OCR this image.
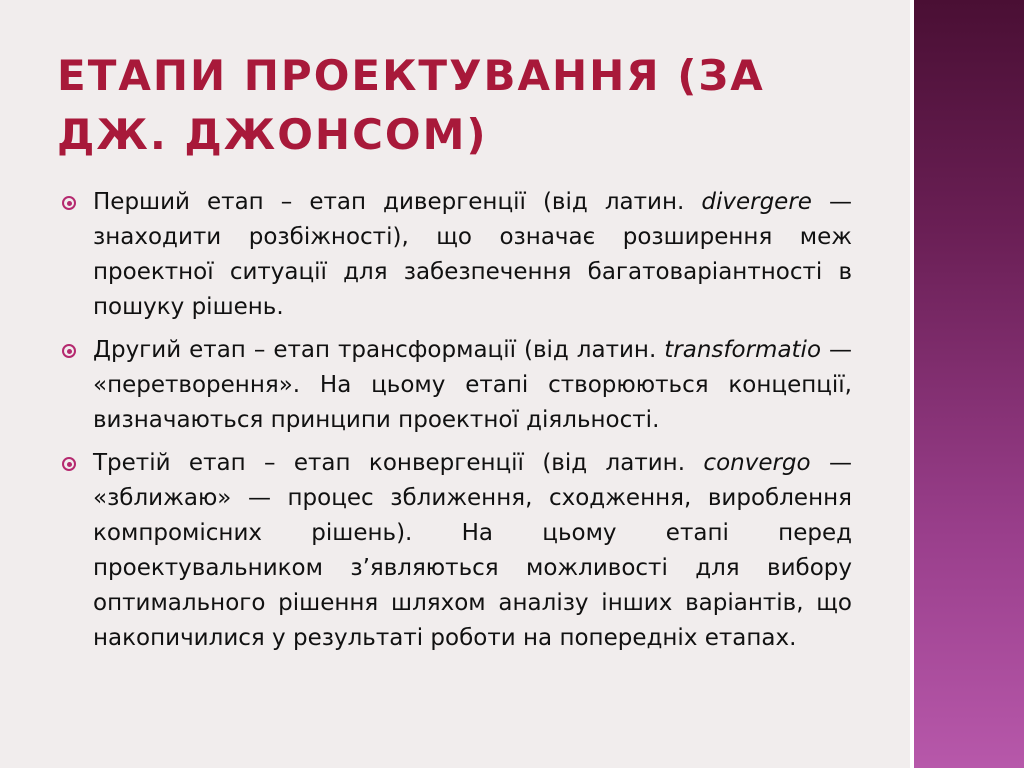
ЕТАПИ ПРОЕКТУВАННЯ (ЗА
ДЖ. ДЖОНСОМ)
Перший етап – етап дивергенції (від латин. divergere — знаходити розбіжності), що означає розширення меж проектної ситуації для забезпечення багатоваріантності в пошуку рішень.
Другий етап – етап трансформації (від латин. transformatio — «перетворення». На цьому етапі створюються концепції, визначаються принципи проектної діяльності.
Третій етап – етап конвергенції (від латин. convergo — «зближаю» — процес зближення, сходження, вироблення компромісних рішень). На цьому етапі перед проектувальником з’являються можливості для вибору оптимального рішення шляхом аналізу інших варіантів, що накопичилися у результаті роботи на попередніх етапах.
